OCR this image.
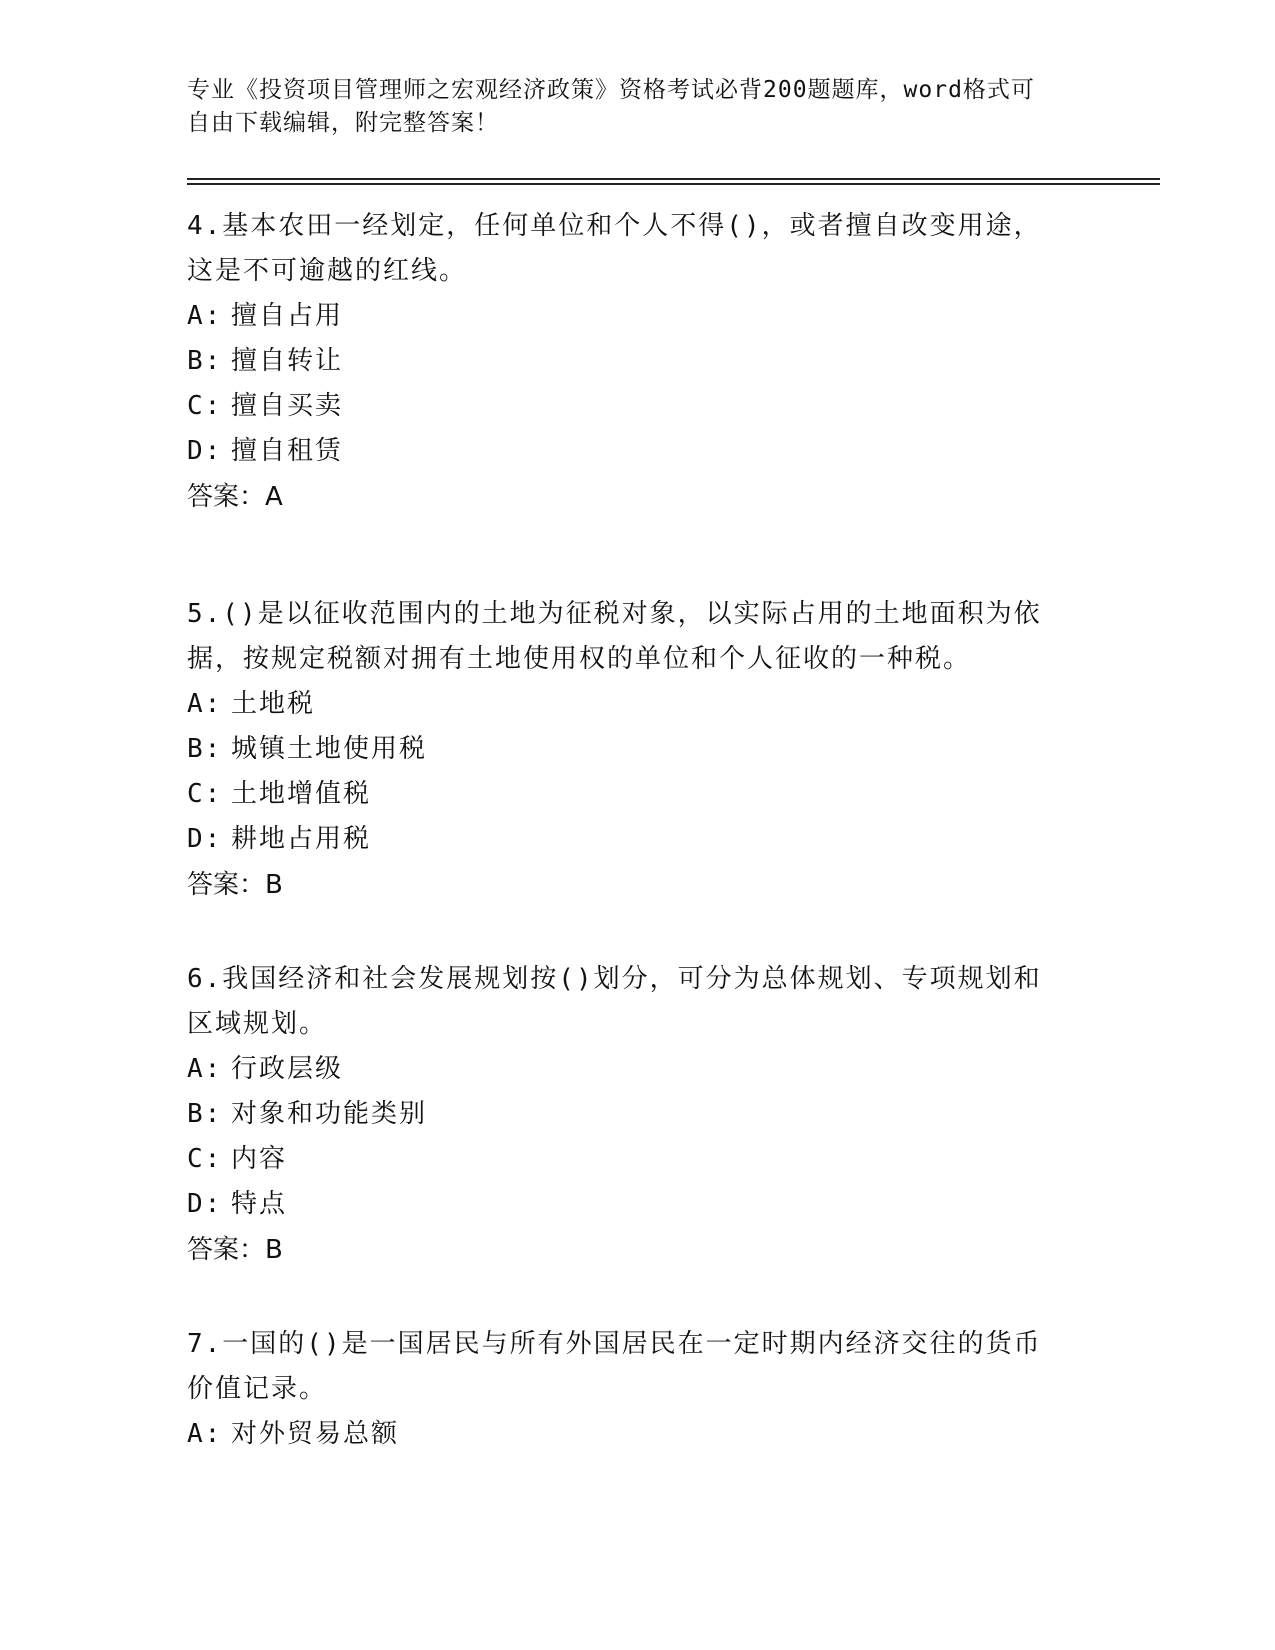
专业《投资项目管理师之宏观经济政策》资格考试必背200题题库，word格式可
自由下载编辑，附完整答案！

4.基本农田一经划定，任何单位和个人不得()，或者擅自改变用途，
这是不可逾越的红线。

A: 擅自占用

B: 擅自转让

C: 擅自买卖

D: 擅自租赁

答案：A

5.()是以征收范围内的土地为征税对象，以实际占用的土地面积为依
据，按规定税额对拥有土地使用权的单位和个人征收的一种税。

A: 土地税

B: 城镇土地使用税

C: 土地增值税

D: 耕地占用税

答案：B

6.我国经济和社会发展规划按()划分，可分为总体规划、专项规划和
区域规划。

A: 行政层级

B: 对象和功能类别

C: 内容

D: 特点

答案：B

7.一国的()是一国居民与所有外国居民在一定时期内经济交往的货币
价值记录。

A: 对外贸易总额
